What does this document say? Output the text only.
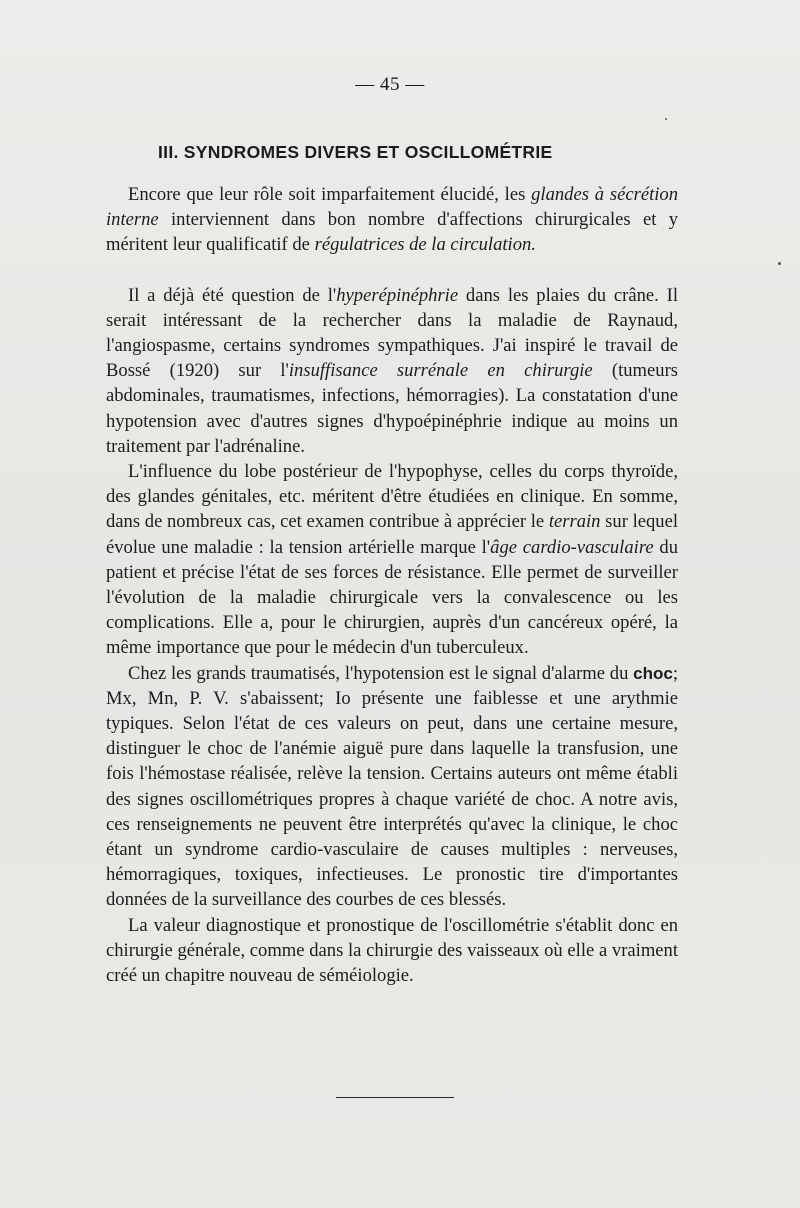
— 45 —
III. SYNDROMES DIVERS ET OSCILLOMÉTRIE

Encore que leur rôle soit imparfaitement élucidé, les glandes à sécrétion interne interviennent dans bon nombre d'affections chirurgicales et y méritent leur qualificatif de régulatrices de la circulation.

Il a déjà été question de l'hyperépinéphrie dans les plaies du crâne. Il serait intéressant de la rechercher dans la maladie de Raynaud, l'angiospasme, certains syndromes sympathiques. J'ai inspiré le travail de Bossé (1920) sur l'insuffisance surrénale en chirurgie (tumeurs abdominales, traumatismes, infections, hémorragies). La constatation d'une hypotension avec d'autres signes d'hypoépinéphrie indique au moins un traitement par l'adrénaline.

L'influence du lobe postérieur de l'hypophyse, celles du corps thyroïde, des glandes génitales, etc. méritent d'être étudiées en clinique. En somme, dans de nombreux cas, cet examen contribue à apprécier le terrain sur lequel évolue une maladie : la tension artérielle marque l'âge cardio-vasculaire du patient et précise l'état de ses forces de résistance. Elle permet de surveiller l'évolution de la maladie chirurgicale vers la convalescence ou les complications. Elle a, pour le chirurgien, auprès d'un cancéreux opéré, la même importance que pour le médecin d'un tuberculeux.

Chez les grands traumatisés, l'hypotension est le signal d'alarme du choc; Mx, Mn, P. V. s'abaissent; Io présente une faiblesse et une arythmie typiques. Selon l'état de ces valeurs on peut, dans une certaine mesure, distinguer le choc de l'anémie aiguë pure dans laquelle la transfusion, une fois l'hémostase réalisée, relève la tension. Certains auteurs ont même établi des signes oscillométriques propres à chaque variété de choc. A notre avis, ces renseignements ne peuvent être interprétés qu'avec la clinique, le choc étant un syndrome cardio-vasculaire de causes multiples : nerveuses, hémorragiques, toxiques, infectieuses. Le pronostic tire d'importantes données de la surveillance des courbes de ces blessés.

La valeur diagnostique et pronostique de l'oscillométrie s'établit donc en chirurgie générale, comme dans la chirurgie des vaisseaux où elle a vraiment créé un chapitre nouveau de séméiologie.
